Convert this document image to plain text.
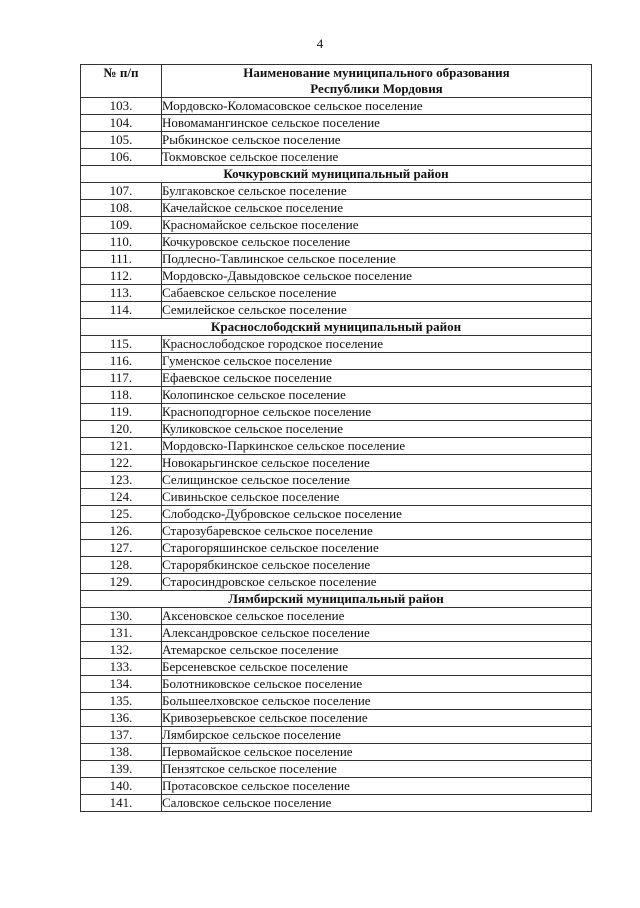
4
№ п/п	Наименование муниципального образования
Республики Мордовия

103.	Мордовско-Коломасовское сельское поселение
104.	Новомамангинское сельское поселение
105.	Рыбкинское сельское поселение
106.	Токмовское сельское поселение
Кочкуровский муниципальный район	
107.	Булгаковское сельское поселение
108.	Качелайское сельское поселение
109.	Красномайское сельское поселение
110.	Кочкуровское сельское поселение
111.	Подлесно-Тавлинское сельское поселение
112.	Мордовско-Давыдовское сельское поселение
113.	Сабаевское сельское поселение
114.	Семилейское сельское поселение
Краснослободский муниципальный район	
115.	Краснослободское городское поселение
116.	Гуменское сельское поселение
117.	Ефаевское сельское поселение
118.	Колопинское сельское поселение
119.	Красноподгорное сельское поселение
120.	Куликовское сельское поселение
121.	Мордовско-Паркинское сельское поселение
122.	Новокарьгинское сельское поселение
123.	Селищинское сельское поселение
124.	Сивиньское сельское поселение
125.	Слободско-Дубровское сельское поселение
126.	Старозубаревское сельское поселение
127.	Старогоряшинское сельское поселение
128.	Старорябкинское сельское поселение
129.	Старосиндровское сельское поселение
Лямбирский муниципальный район	
130.	Аксеновское сельское поселение
131.	Александровское сельское поселение
132.	Атемарское сельское поселение
133.	Берсеневское сельское поселение
134.	Болотниковское сельское поселение
135.	Большеелховское сельское поселение
136.	Кривозерьевское сельское поселение
137.	Лямбирское сельское поселение
138.	Первомайское сельское поселение
139.	Пензятское сельское поселение
140.	Протасовское сельское поселение
141.	Саловское сельское поселение
